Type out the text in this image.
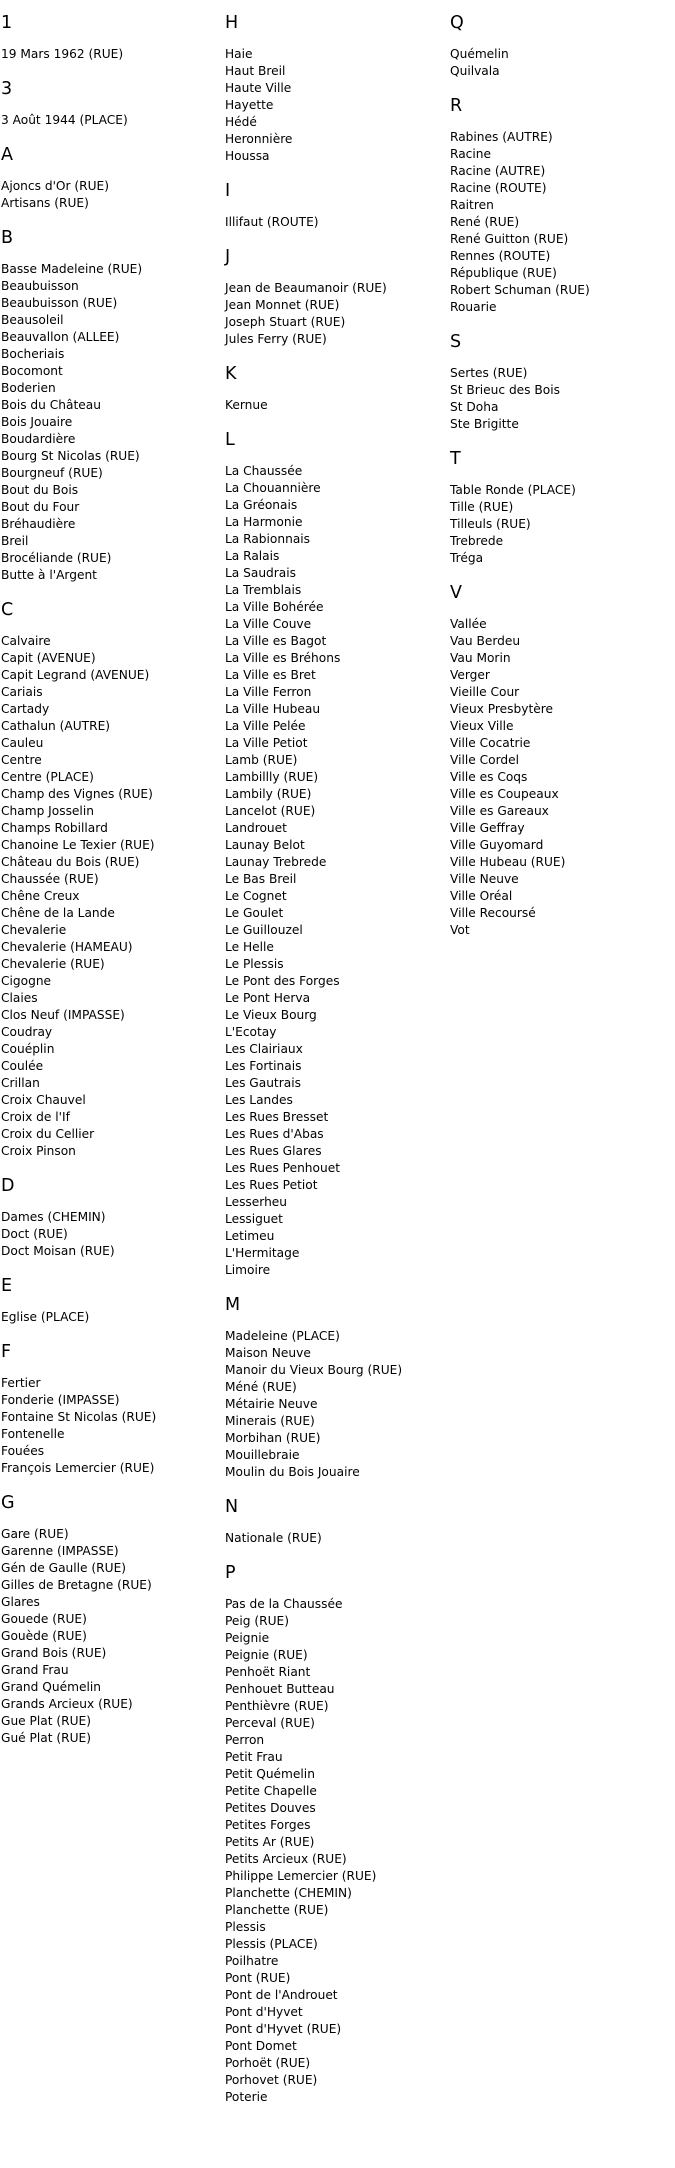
1
19 Mars 1962 (RUE)
3
3 Août 1944 (PLACE)
A
Ajoncs d'Or (RUE)
Artisans (RUE)
B
Basse Madeleine (RUE)
Beaubuisson
Beaubuisson (RUE)
Beausoleil
Beauvallon (ALLEE)
Bocheriais
Bocomont
Boderien
Bois du Château
Bois Jouaire
Boudardière
Bourg St Nicolas (RUE)
Bourgneuf (RUE)
Bout du Bois
Bout du Four
Bréhaudière
Breil
Brocéliande (RUE)
Butte à l'Argent
C
Calvaire
Capit (AVENUE)
Capit Legrand (AVENUE)
Cariais
Cartady
Cathalun (AUTRE)
Cauleu
Centre
Centre (PLACE)
Champ des Vignes (RUE)
Champ Josselin
Champs Robillard
Chanoine Le Texier (RUE)
Château du Bois (RUE)
Chaussée (RUE)
Chêne Creux
Chêne de la Lande
Chevalerie
Chevalerie (HAMEAU)
Chevalerie (RUE)
Cigogne
Claies
Clos Neuf (IMPASSE)
Coudray
Couéplin
Coulée
Crillan
Croix Chauvel
Croix de l'If
Croix du Cellier
Croix Pinson
D
Dames (CHEMIN)
Doct (RUE)
Doct Moisan (RUE)
E
Eglise (PLACE)
F
Fertier
Fonderie (IMPASSE)
Fontaine St Nicolas (RUE)
Fontenelle
Fouées
François Lemercier (RUE)
G
Gare (RUE)
Garenne (IMPASSE)
Gén de Gaulle (RUE)
Gilles de Bretagne (RUE)
Glares
Gouede (RUE)
Gouède (RUE)
Grand Bois (RUE)
Grand Frau
Grand Quémelin
Grands Arcieux (RUE)
Gue Plat (RUE)
Gué Plat (RUE)
H
Haie
Haut Breil
Haute Ville
Hayette
Hédé
Heronnière
Houssa
I
Illifaut (ROUTE)
J
Jean de Beaumanoir (RUE)
Jean Monnet (RUE)
Joseph Stuart (RUE)
Jules Ferry (RUE)
K
Kernue
L
La Chaussée
La Chouannière
La Gréonais
La Harmonie
La Rabionnais
La Ralais
La Saudrais
La Tremblais
La Ville Bohérée
La Ville Couve
La Ville es Bagot
La Ville es Bréhons
La Ville es Bret
La Ville Ferron
La Ville Hubeau
La Ville Pelée
La Ville Petiot
Lamb (RUE)
Lambillly (RUE)
Lambily (RUE)
Lancelot (RUE)
Landrouet
Launay Belot
Launay Trebrede
Le Bas Breil
Le Cognet
Le Goulet
Le Guillouzel
Le Helle
Le Plessis
Le Pont des Forges
Le Pont Herva
Le Vieux Bourg
L'Ecotay
Les Clairiaux
Les Fortinais
Les Gautrais
Les Landes
Les Rues Bresset
Les Rues d'Abas
Les Rues Glares
Les Rues Penhouet
Les Rues Petiot
Lesserheu
Lessiguet
Letimeu
L'Hermitage
Limoire
M
Madeleine (PLACE)
Maison Neuve
Manoir du Vieux Bourg (RUE)
Méné (RUE)
Métairie Neuve
Minerais (RUE)
Morbihan (RUE)
Mouillebraie
Moulin du Bois Jouaire
N
Nationale (RUE)
P
Pas de la Chaussée
Peig (RUE)
Peignie
Peignie (RUE)
Penhoët Riant
Penhouet Butteau
Penthièvre (RUE)
Perceval (RUE)
Perron
Petit Frau
Petit Quémelin
Petite Chapelle
Petites Douves
Petites Forges
Petits Ar (RUE)
Petits Arcieux (RUE)
Philippe Lemercier (RUE)
Planchette (CHEMIN)
Planchette (RUE)
Plessis
Plessis (PLACE)
Poilhatre
Pont (RUE)
Pont de l'Androuet
Pont d'Hyvet
Pont d'Hyvet (RUE)
Pont Domet
Porhoët (RUE)
Porhovet (RUE)
Poterie
Q
Quémelin
Quilvala
R
Rabines (AUTRE)
Racine
Racine (AUTRE)
Racine (ROUTE)
Raitren
René (RUE)
René Guitton (RUE)
Rennes (ROUTE)
République (RUE)
Robert Schuman (RUE)
Rouarie
S
Sertes (RUE)
St Brieuc des Bois
St Doha
Ste Brigitte
T
Table Ronde (PLACE)
Tille (RUE)
Tilleuls (RUE)
Trebrede
Tréga
V
Vallée
Vau Berdeu
Vau Morin
Verger
Vieille Cour
Vieux Presbytère
Vieux Ville
Ville Cocatrie
Ville Cordel
Ville es Coqs
Ville es Coupeaux
Ville es Gareaux
Ville Geffray
Ville Guyomard
Ville Hubeau (RUE)
Ville Neuve
Ville Oréal
Ville Recoursé
Vot
